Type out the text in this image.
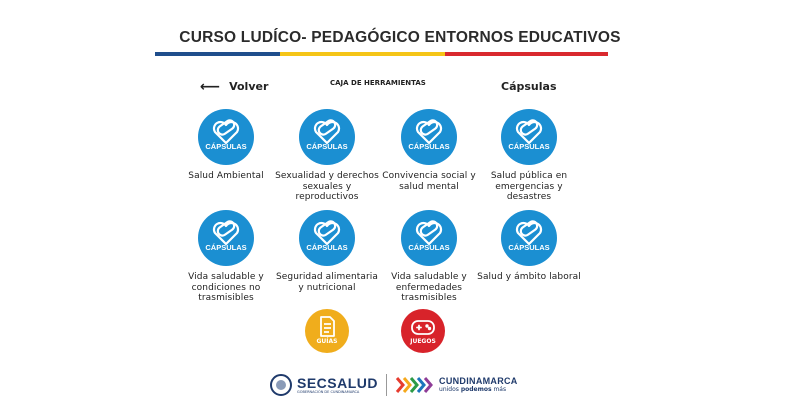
CURSO LUDÍCO- PEDAGÓGICO ENTORNOS EDUCATIVOS
⟵ Volver	CAJA DE HERRAMIENTAS	Cápsulas
CÁPSULAS
Salud Ambiental
CÁPSULAS
Sexualidad y derechos sexuales y reproductivos
CÁPSULAS
Convivencia social y salud mental
CÁPSULAS
Salud pública en emergencias y desastres
CÁPSULAS
Vida saludable y condiciones no trasmisibles
CÁPSULAS
Seguridad alimentaria y nutricional
CÁPSULAS
Vida saludable y enfermedades trasmisibles
CÁPSULAS
Salud y ámbito laboral
GUÍAS	JUEGOS
SECSALUD
GOBERNACIÓN DE CUNDINAMARCA
CUNDINAMARCA
unidos podemos más
